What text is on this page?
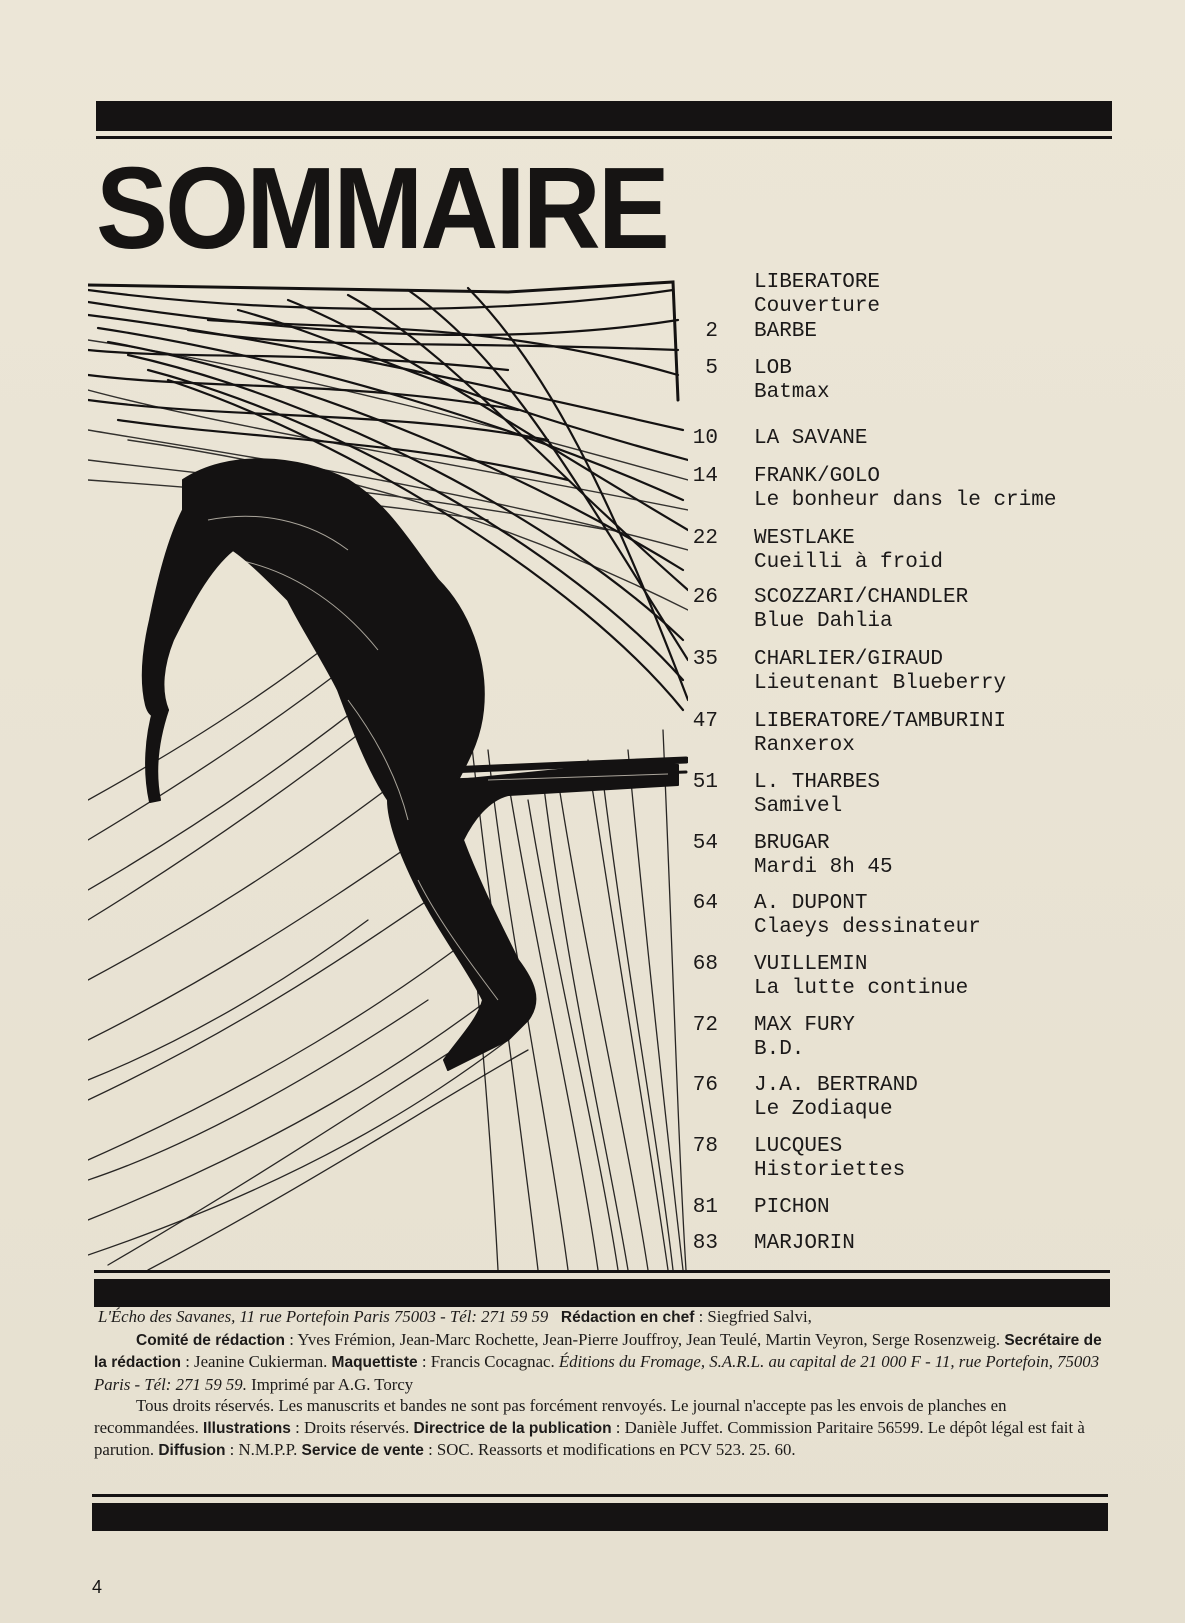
SOMMAIRE
LIBERATORE
Couverture
2 BARBE
5 LOB
Batmax
10 LA SAVANE
14 FRANK/GOLO
Le bonheur dans le crime
22 WESTLAKE
Cueilli à froid
26 SCOZZARI/CHANDLER
Blue Dahlia
35 CHARLIER/GIRAUD
Lieutenant Blueberry
47 LIBERATORE/TAMBURINI
Ranxerox
51 L. THARBES
Samivel
54 BRUGAR
Mardi 8h 45
64 A. DUPONT
Claeys dessinateur
68 VUILLEMIN
La lutte continue
72 MAX FURY
B.D.
76 J.A. BERTRAND
Le Zodiaque
78 LUCQUES
Historiettes
81 PICHON
83 MARJORIN

L'Écho des Savanes, 11 rue Portefoin Paris 75003 - Tél: 271 59 59 Rédaction en chef : Siegfried Salvi,

Comité de rédaction : Yves Frémion, Jean-Marc Rochette, Jean-Pierre Jouffroy, Jean Teulé, Martin Veyron, Serge Rosenzweig. Secrétaire de la rédaction : Jeanine Cukierman. Maquettiste : Francis Cocagnac. Éditions du Fromage, S.A.R.L. au capital de 21 000 F - 11, rue Portefoin, 75003 Paris - Tél: 271 59 59. Imprimé par A.G. Torcy

Tous droits réservés. Les manuscrits et bandes ne sont pas forcément renvoyés. Le journal n'accepte pas les envois de planches en recommandées. Illustrations : Droits réservés. Directrice de la publication : Danièle Juffet. Commission Paritaire 56599. Le dépôt légal est fait à parution. Diffusion : N.M.P.P. Service de vente : SOC. Reassorts et modifications en PCV 523. 25. 60.

4
